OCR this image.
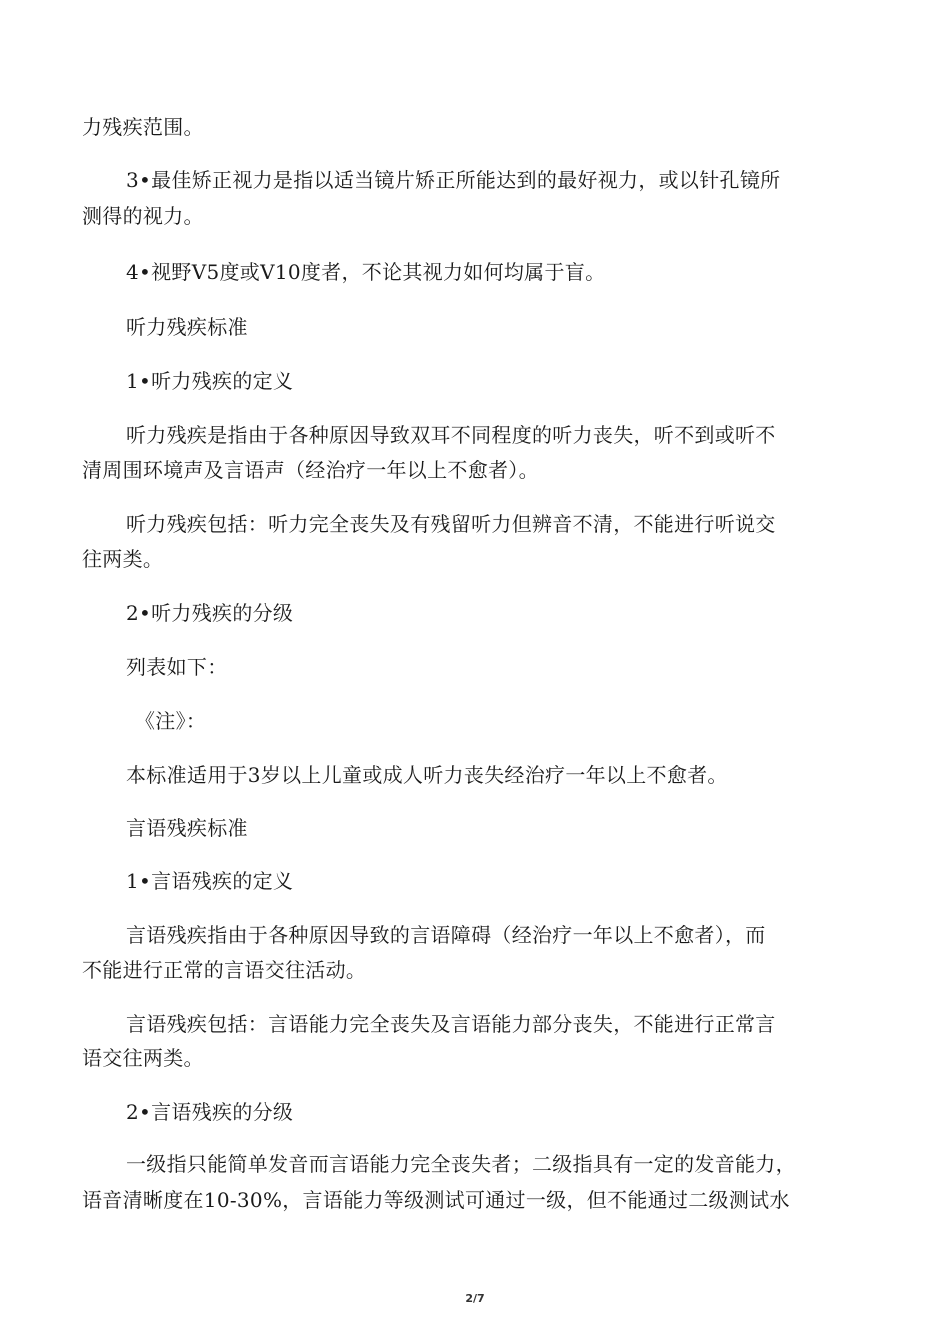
力残疾范围。
3•最佳矫正视力是指以适当镜片矫正所能达到的最好视力，或以针孔镜所
测得的视力。
4•视野V5度或V10度者，不论其视力如何均属于盲。
听力残疾标准
1•听力残疾的定义
听力残疾是指由于各种原因导致双耳不同程度的听力丧失，听不到或听不
清周围环境声及言语声（经治疗一年以上不愈者）。
听力残疾包括：听力完全丧失及有残留听力但辨音不清，不能进行听说交
往两类。
2•听力残疾的分级
列表如下：
《注》：
本标准适用于3岁以上儿童或成人听力丧失经治疗一年以上不愈者。
言语残疾标准
1•言语残疾的定义
言语残疾指由于各种原因导致的言语障碍（经治疗一年以上不愈者），而
不能进行正常的言语交往活动。
言语残疾包括：言语能力完全丧失及言语能力部分丧失，不能进行正常言
语交往两类。
2•言语残疾的分级
一级指只能简单发音而言语能力完全丧失者；二级指具有一定的发音能力，
语音清晰度在10-30%，言语能力等级测试可通过一级，但不能通过二级测试水
2/7
